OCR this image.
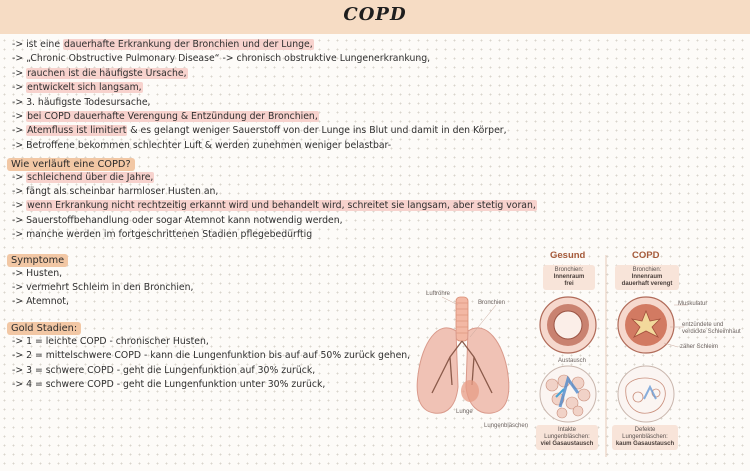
COPD
-> ist eine dauerhafte Erkrankung der Bronchien und der Lunge,
-> „Chronic Obstructive Pulmonary Disease“ -> chronisch obstruktive Lungenerkrankung,
-> rauchen ist die häufigste Ursache,
-> entwickelt sich langsam,
-> 3. häufigste Todesursache,
-> bei COPD dauerhafte Verengung & Entzündung der Bronchien,
-> Atemfluss ist limitiert & es gelangt weniger Sauerstoff von der Lunge ins Blut und damit in den Körper,
-> Betroffene bekommen schlechter Luft & werden zunehmen weniger belastbar-
Wie verläuft eine COPD?
-> schleichend über die Jahre,
-> fängt als scheinbar harmloser Husten an,
-> wenn Erkrankung nicht rechtzeitig erkannt wird und behandelt wird, schreitet sie langsam, aber stetig voran,
-> Sauerstoffbehandlung oder sogar Atemnot kann notwendig werden,
-> manche werden im fortgeschrittenen Stadien pflegebedürftig
Symptome
-> Husten,
-> vermehrt Schleim in den Bronchien,
-> Atemnot,
Gold Stadien:
-> 1 = leichte COPD - chronischer Husten,
-> 2 = mittelschwere COPD - kann die Lungenfunktion bis auf auf 50% zurück gehen,
-> 3 = schwere COPD - geht die Lungenfunktion auf 30% zurück,
-> 4 = schwere COPD - geht die Lungenfunktion unter 30% zurück,
Gesund	COPD
Bronchien:
Innenraum
frei
Bronchien:
Innenraum
dauerhaft verengt
Luftröhre
Bronchien
Lunge
Lungenbläschen
Austausch
Muskulatur
entzündete und
verdickte Schleimhaut
zäher Schleim
Intakte
Lungenbläschen:
viel Gasaustausch
Defekte
Lungenbläschen:
kaum Gasaustausch
